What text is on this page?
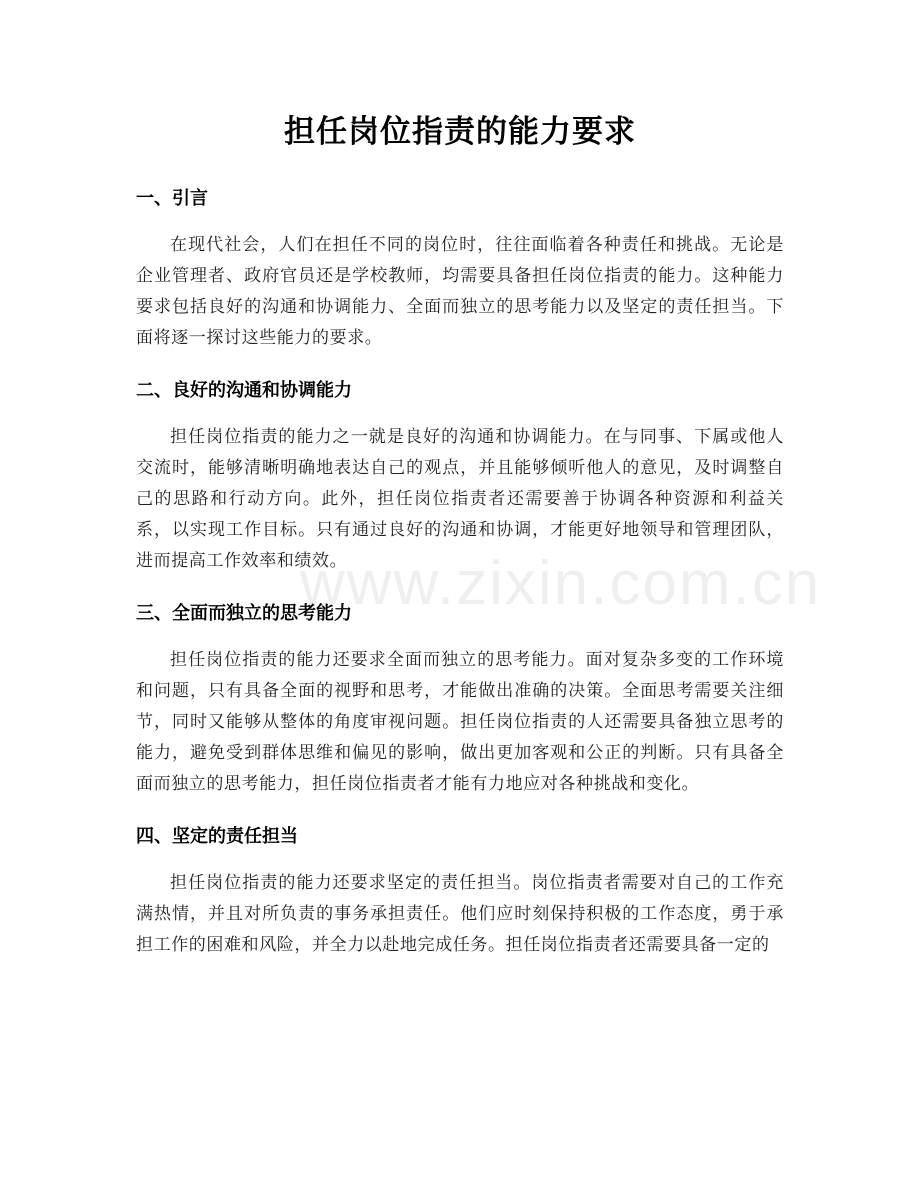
担任岗位指责的能力要求
一、引言

在现代社会，人们在担任不同的岗位时，往往面临着各种责任和挑战。无论是企业管理者、政府官员还是学校教师，均需要具备担任岗位指责的能力。这种能力要求包括良好的沟通和协调能力、全面而独立的思考能力以及坚定的责任担当。下面将逐一探讨这些能力的要求。

二、良好的沟通和协调能力

担任岗位指责的能力之一就是良好的沟通和协调能力。在与同事、下属或他人交流时，能够清晰明确地表达自己的观点，并且能够倾听他人的意见，及时调整自己的思路和行动方向。此外，担任岗位指责者还需要善于协调各种资源和利益关系，以实现工作目标。只有通过良好的沟通和协调，才能更好地领导和管理团队，进而提高工作效率和绩效。

三、全面而独立的思考能力

担任岗位指责的能力还要求全面而独立的思考能力。面对复杂多变的工作环境和问题，只有具备全面的视野和思考，才能做出准确的决策。全面思考需要关注细节，同时又能够从整体的角度审视问题。担任岗位指责的人还需要具备独立思考的能力，避免受到群体思维和偏见的影响，做出更加客观和公正的判断。只有具备全面而独立的思考能力，担任岗位指责者才能有力地应对各种挑战和变化。

四、坚定的责任担当

担任岗位指责的能力还要求坚定的责任担当。岗位指责者需要对自己的工作充满热情，并且对所负责的事务承担责任。他们应时刻保持积极的工作态度，勇于承担工作的困难和风险，并全力以赴地完成任务。担任岗位指责者还需要具备一定的

www.zixin.com.cn
